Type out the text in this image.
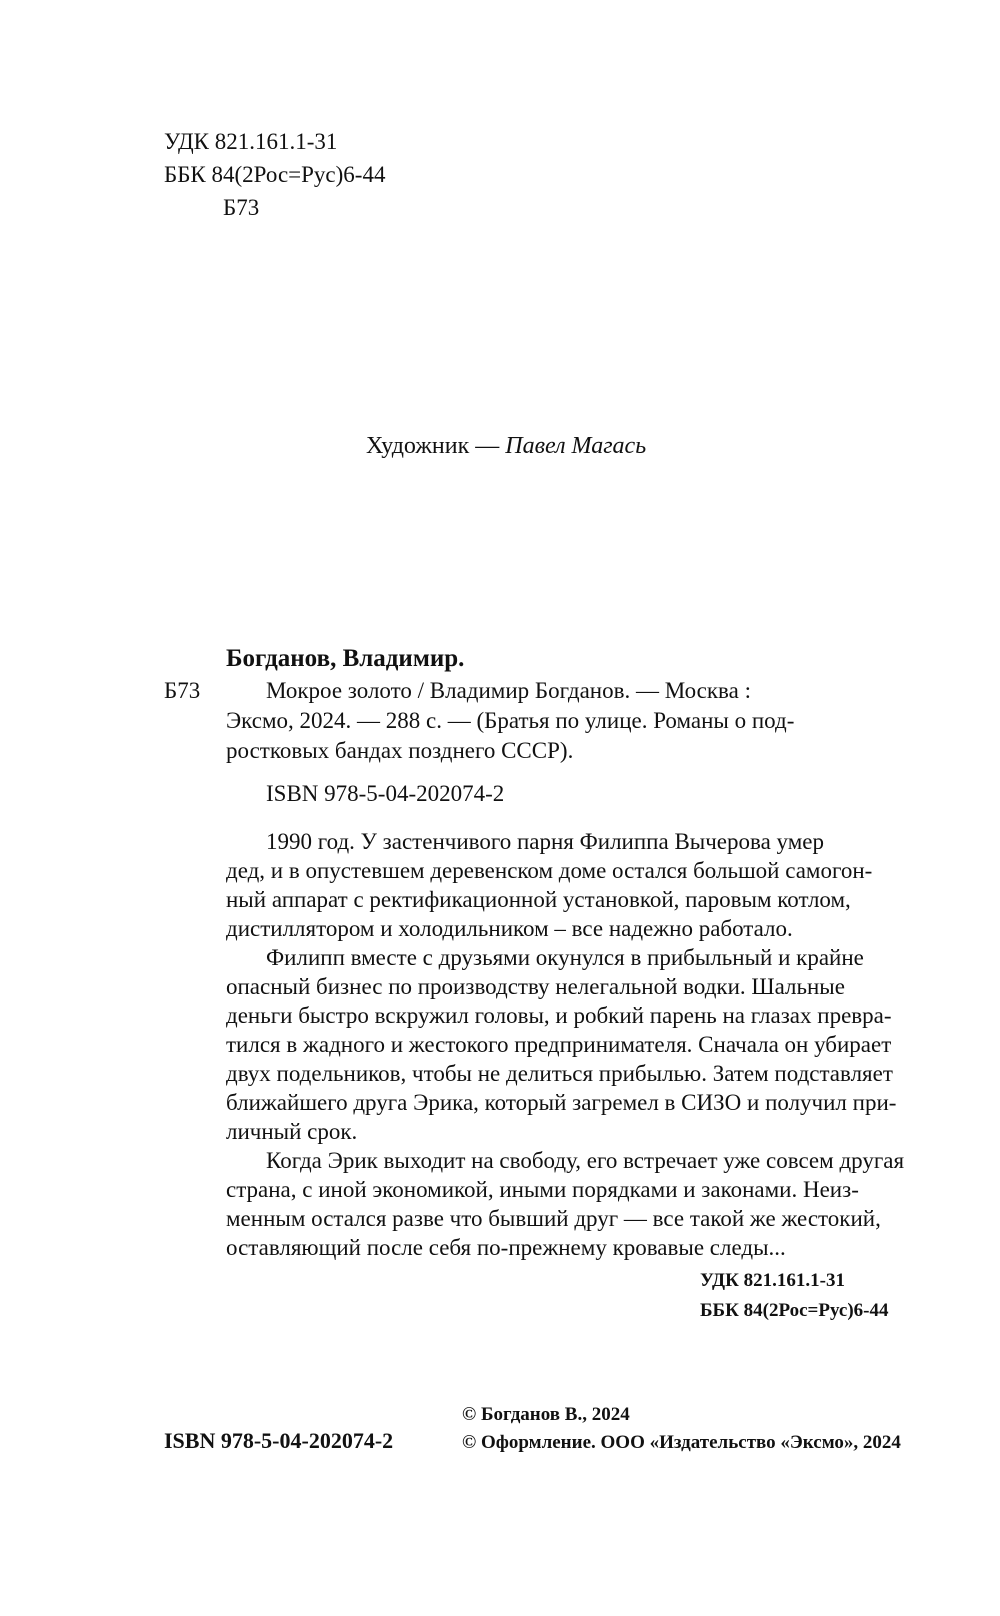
УДК 821.161.1-31
ББК 84(2Рос=Рус)6-44
Б73
Художник — Павел Магась
Богданов, Владимир.
Б73	Мокрое золото / Владимир Богданов. — Москва :
Эксмо, 2024. — 288 с. — (Братья по улице. Романы о под-
ростковых бандах позднего СССР).
ISBN 978-5-04-202074-2
1990 год. У застенчивого парня Филиппа Вычерова умер
дед, и в опустевшем деревенском доме остался большой самогон-
ный аппарат с ректификационной установкой, паровым котлом,
дистиллятором и холодильником – все надежно работало.
Филипп вместе с друзьями окунулся в прибыльный и крайне
опасный бизнес по производству нелегальной водки. Шальные
деньги быстро вскружил головы, и робкий парень на глазах превра-
тился в жадного и жестокого предпринимателя. Сначала он убирает
двух подельников, чтобы не делиться прибылью. Затем подставляет
ближайшего друга Эрика, который загремел в СИЗО и получил при-
личный срок.
Когда Эрик выходит на свободу, его встречает уже совсем другая
страна, с иной экономикой, иными порядками и законами. Неиз-
менным остался разве что бывший друг — все такой же жестокий,
оставляющий после себя по-прежнему кровавые следы...
УДК 821.161.1-31
ББК 84(2Рос=Рус)6-44
ISBN 978-5-04-202074-2
© Богданов В., 2024
© Оформление. ООО «Издательство «Эксмо», 2024
